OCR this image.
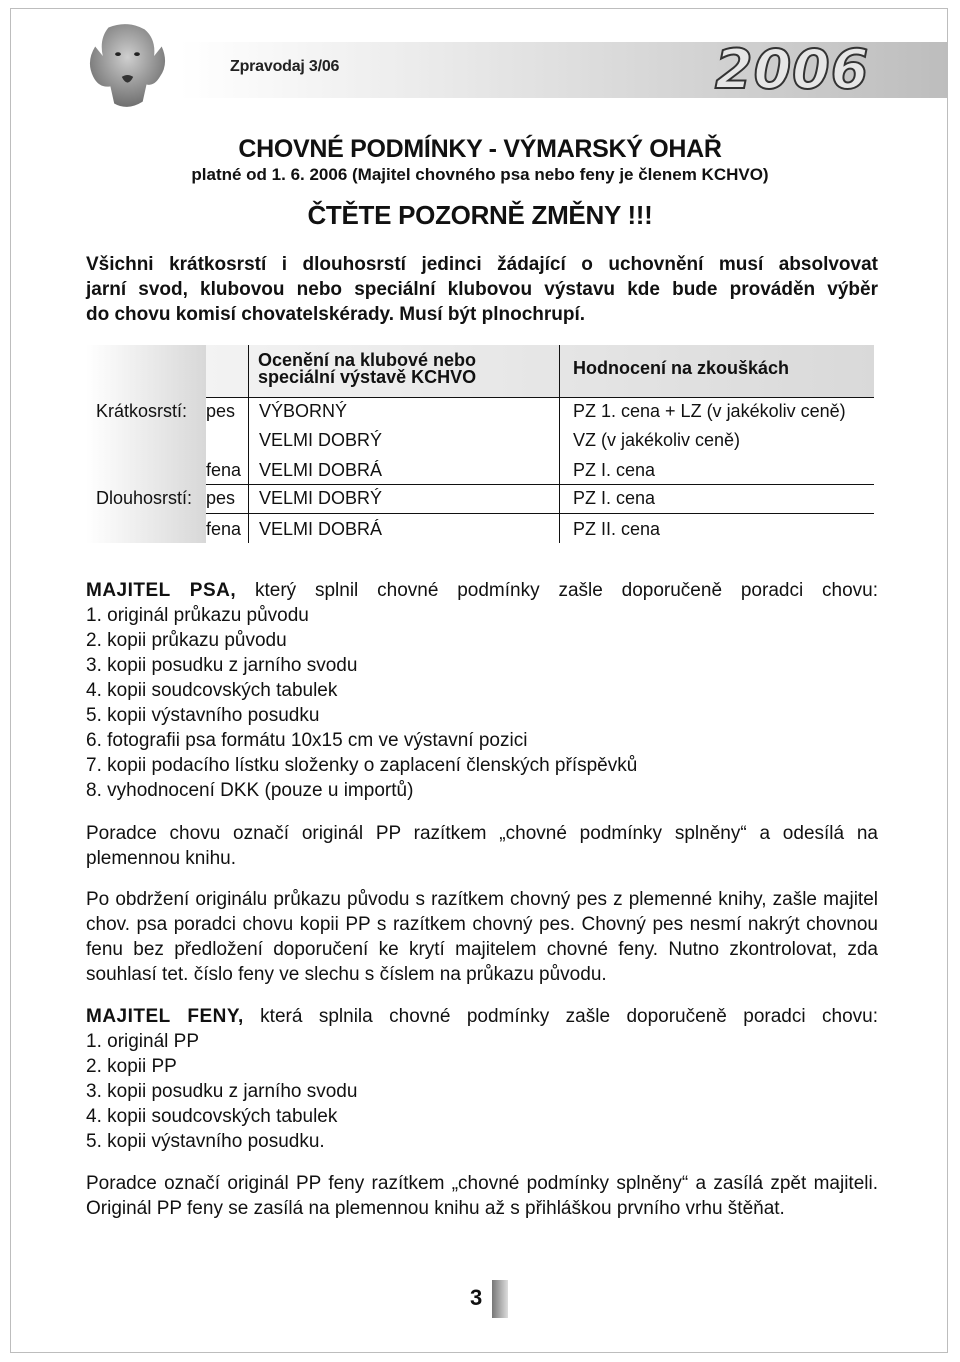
Zpravodaj 3/06	2006
CHOVNÉ PODMÍNKY - VÝMARSKÝ OHAŘ
platné od 1. 6. 2006 (Majitel chovného psa nebo feny je členem KCHVO)
ČTĚTE POZORNĚ ZMĚNY !!!
Všichni krátkosrstí i dlouhosrstí jedinci žádající o uchovnění musí absolvovat
jarní svod, klubovou nebo speciální klubovou výstavu kde bude prováděn výběr
do chovu komisí chovatelskérady. Musí být plnochrupí.
Ocenění na klubové nebo speciální výstavě KCHVO	Hodnocení na zkouškách
Krátkosrstí: pes VÝBORNÝ	PZ 1. cena + LZ (v jakékoliv ceně)
VELMI DOBRÝ	VZ (v jakékoliv ceně)
fena VELMI DOBRÁ	PZ I. cena
Dlouhosrstí: pes VELMI DOBRÝ	PZ I. cena
fena VELMI DOBRÁ	PZ II. cena

MAJITEL PSA, který splnil chovné podmínky zašle doporučeně poradci chovu:

1. originál průkazu původu

2. kopii průkazu původu

3. kopii posudku z jarního svodu

4. kopii soudcovských tabulek

5. kopii výstavního posudku

6. fotografii psa formátu 10x15 cm ve výstavní pozici

7. kopii podacího lístku složenky o zaplacení členských příspěvků

8. vyhodnocení DKK (pouze u importů)

Poradce chovu označí originál PP razítkem „chovné podmínky splněny“ a odesílá na plemennou knihu.
Po obdržení originálu průkazu původu s razítkem chovný pes z plemenné knihy, zašle majitel chov. psa poradci chovu kopii PP s razítkem chovný pes. Chovný pes nesmí nakrýt chovnou fenu bez předložení doporučení ke krytí majitelem chovné feny. Nutno zkontrolovat, zda souhlasí tet. číslo feny ve slechu s číslem na průkazu původu.

MAJITEL FENY, která splnila chovné podmínky zašle doporučeně poradci chovu:

1. originál PP

2. kopii PP

3. kopii posudku z jarního svodu

4. kopii soudcovských tabulek

5. kopii výstavního posudku.

Poradce označí originál PP feny razítkem „chovné podmínky splněny“ a zasílá zpět majiteli. Originál PP feny se zasílá na plemennou knihu až s přihláškou prvního vrhu štěňat.
3
